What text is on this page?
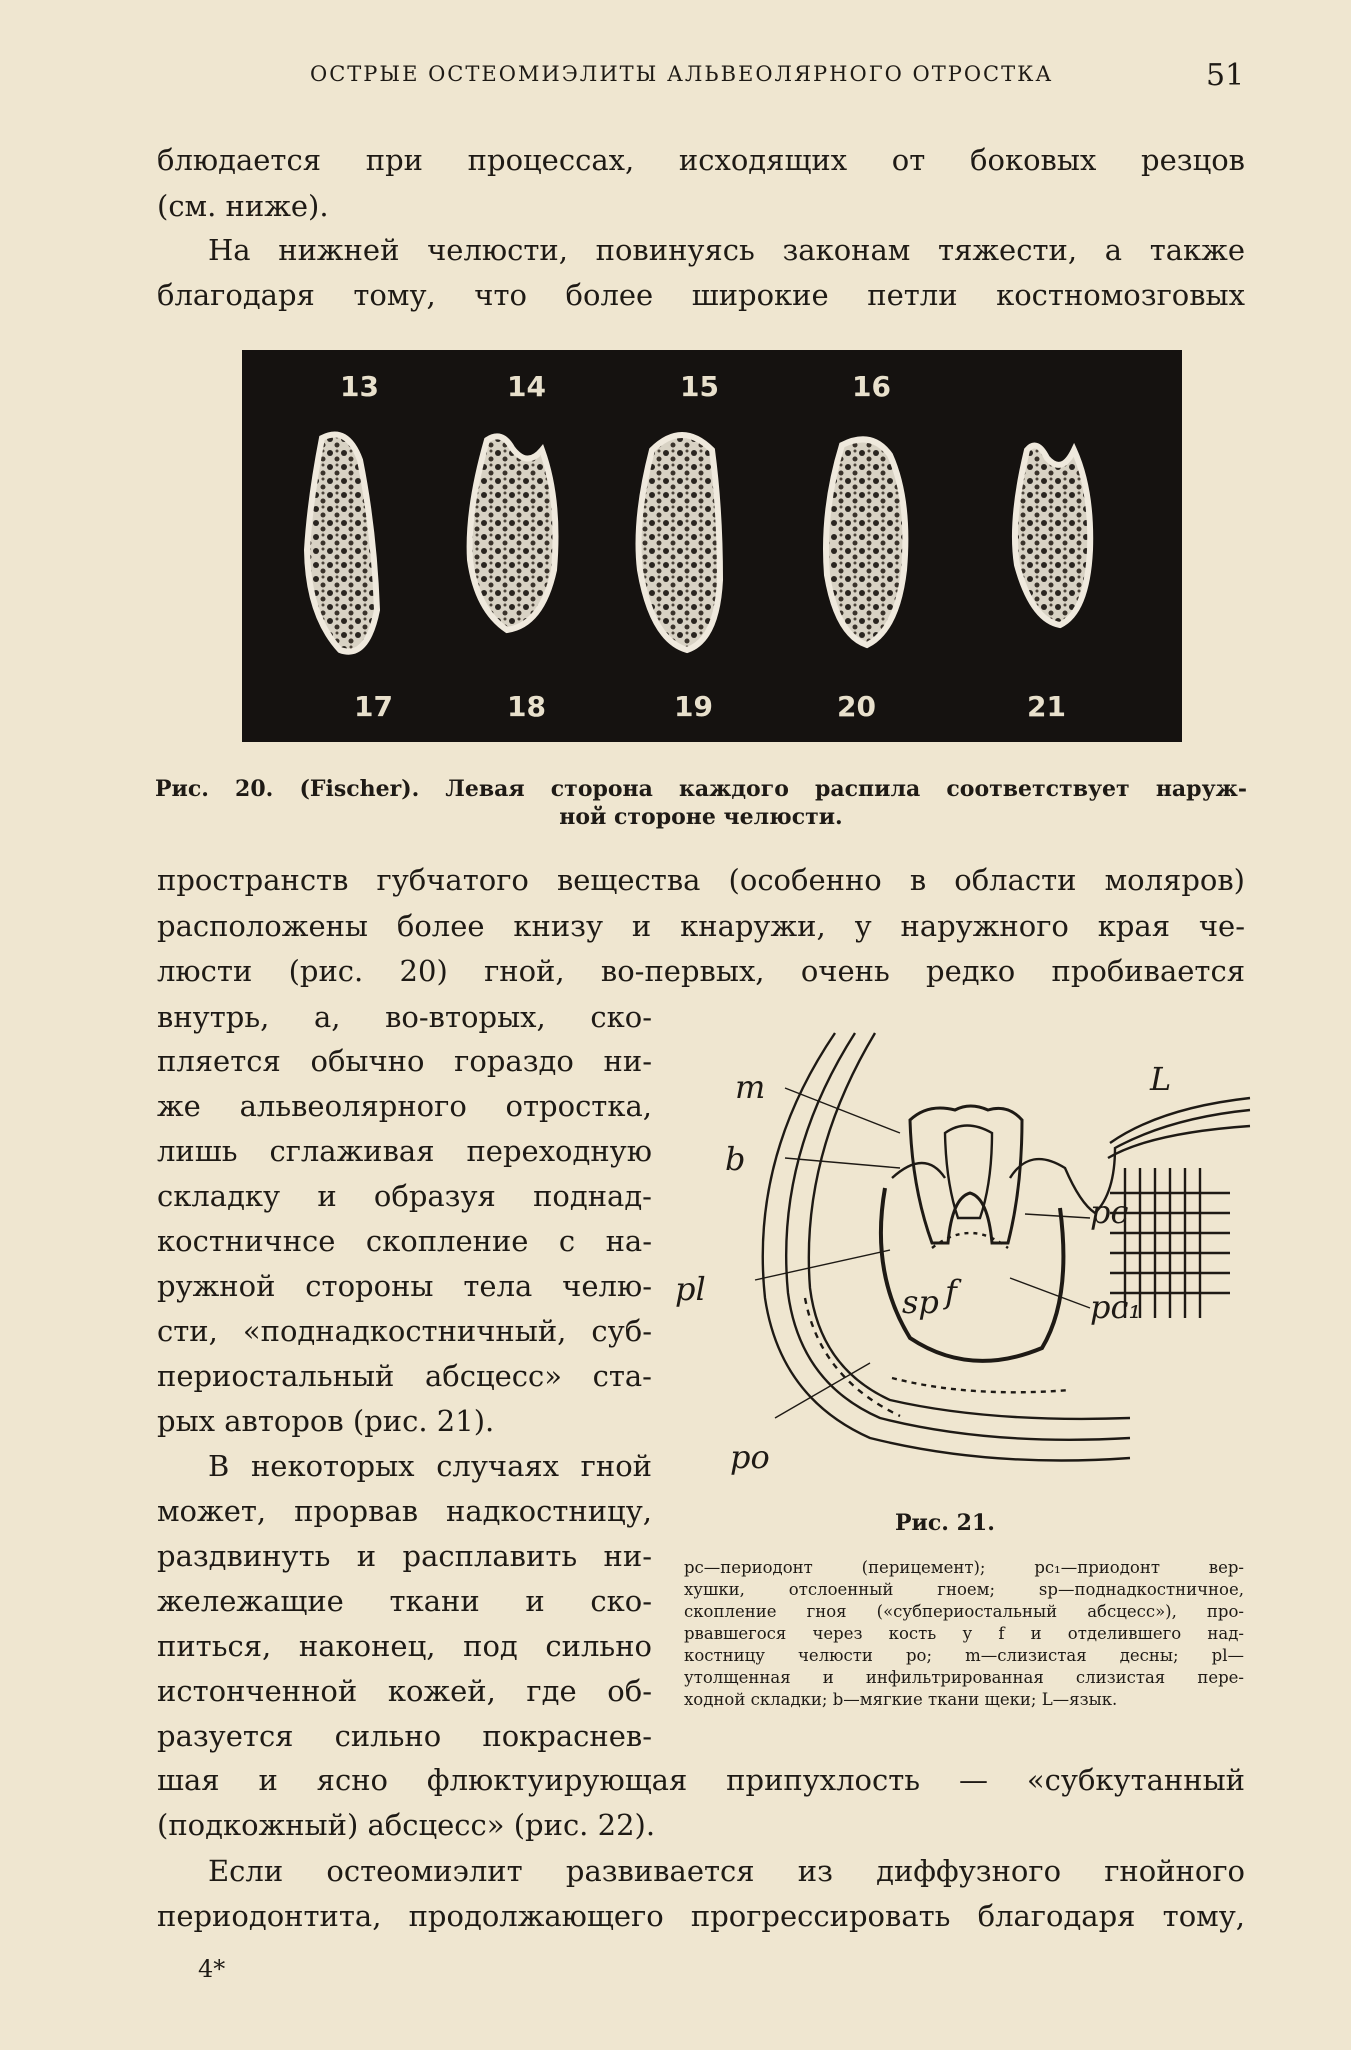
ОСТРЫЕ ОСТЕОМИЭЛИТЫ АЛЬВЕОЛЯРНОГО ОТРОСТКА	51
блюдается при процессах, исходящих от боковых резцов
(см. ниже).
На нижней челюсти, повинуясь законам тяжести, а также
благодаря тому, что более широкие петли костномозговых
13	14	15	16
17	18	19	20	21
Рис. 20. (Fischer). Левая сторона каждого распила соответствует наруж-
ной стороне челюсти.
пространств губчатого вещества (особенно в области моляров)
расположены более книзу и кнаружи, у наружного края че-
люсти (рис. 20) гной, во-первых, очень редко пробивается
внутрь, а, во-вторых, ско-
пляется обычно гораздо ни-
же альвеолярного отростка,
лишь сглаживая переходную
складку и образуя поднад-
костничнсе скопление с на-
ружной стороны тела челю-
сти, «поднадкостничный, суб-
периостальный абсцесс» ста-
рых авторов (рис. 21).
В некоторых случаях гной
может, прорвав надкостницу,
раздвинуть и расплавить ни-
жележащие ткани и ско-
питься, наконец, под сильно
истонченной кожей, где об-
разуется сильно покраснев-
шая и ясно флюктуирующая припухлость — «субкутанный
(подкожный) абсцесс» (рис. 22).
Если остеомиэлит развивается из диффузного гнойного
периодонтита, продолжающего прогрессировать благодаря тому,
m
b
L
pc
pc₁
pl	sp f
po
Рис. 21.
pc—периодонт (перицемент); pc₁—приодонт вер-
хушки, отслоенный гноем; sp—поднадкостничное,
скопление гноя («субпериостальный абсцесс»), про-
рвавшегося через кость у f и отделившего над-
костницу челюсти po; m—слизистая десны; pl—
утолщенная и инфильтрированная слизистая пере-
ходной складки; b—мягкие ткани щеки; L—язык.
4*
